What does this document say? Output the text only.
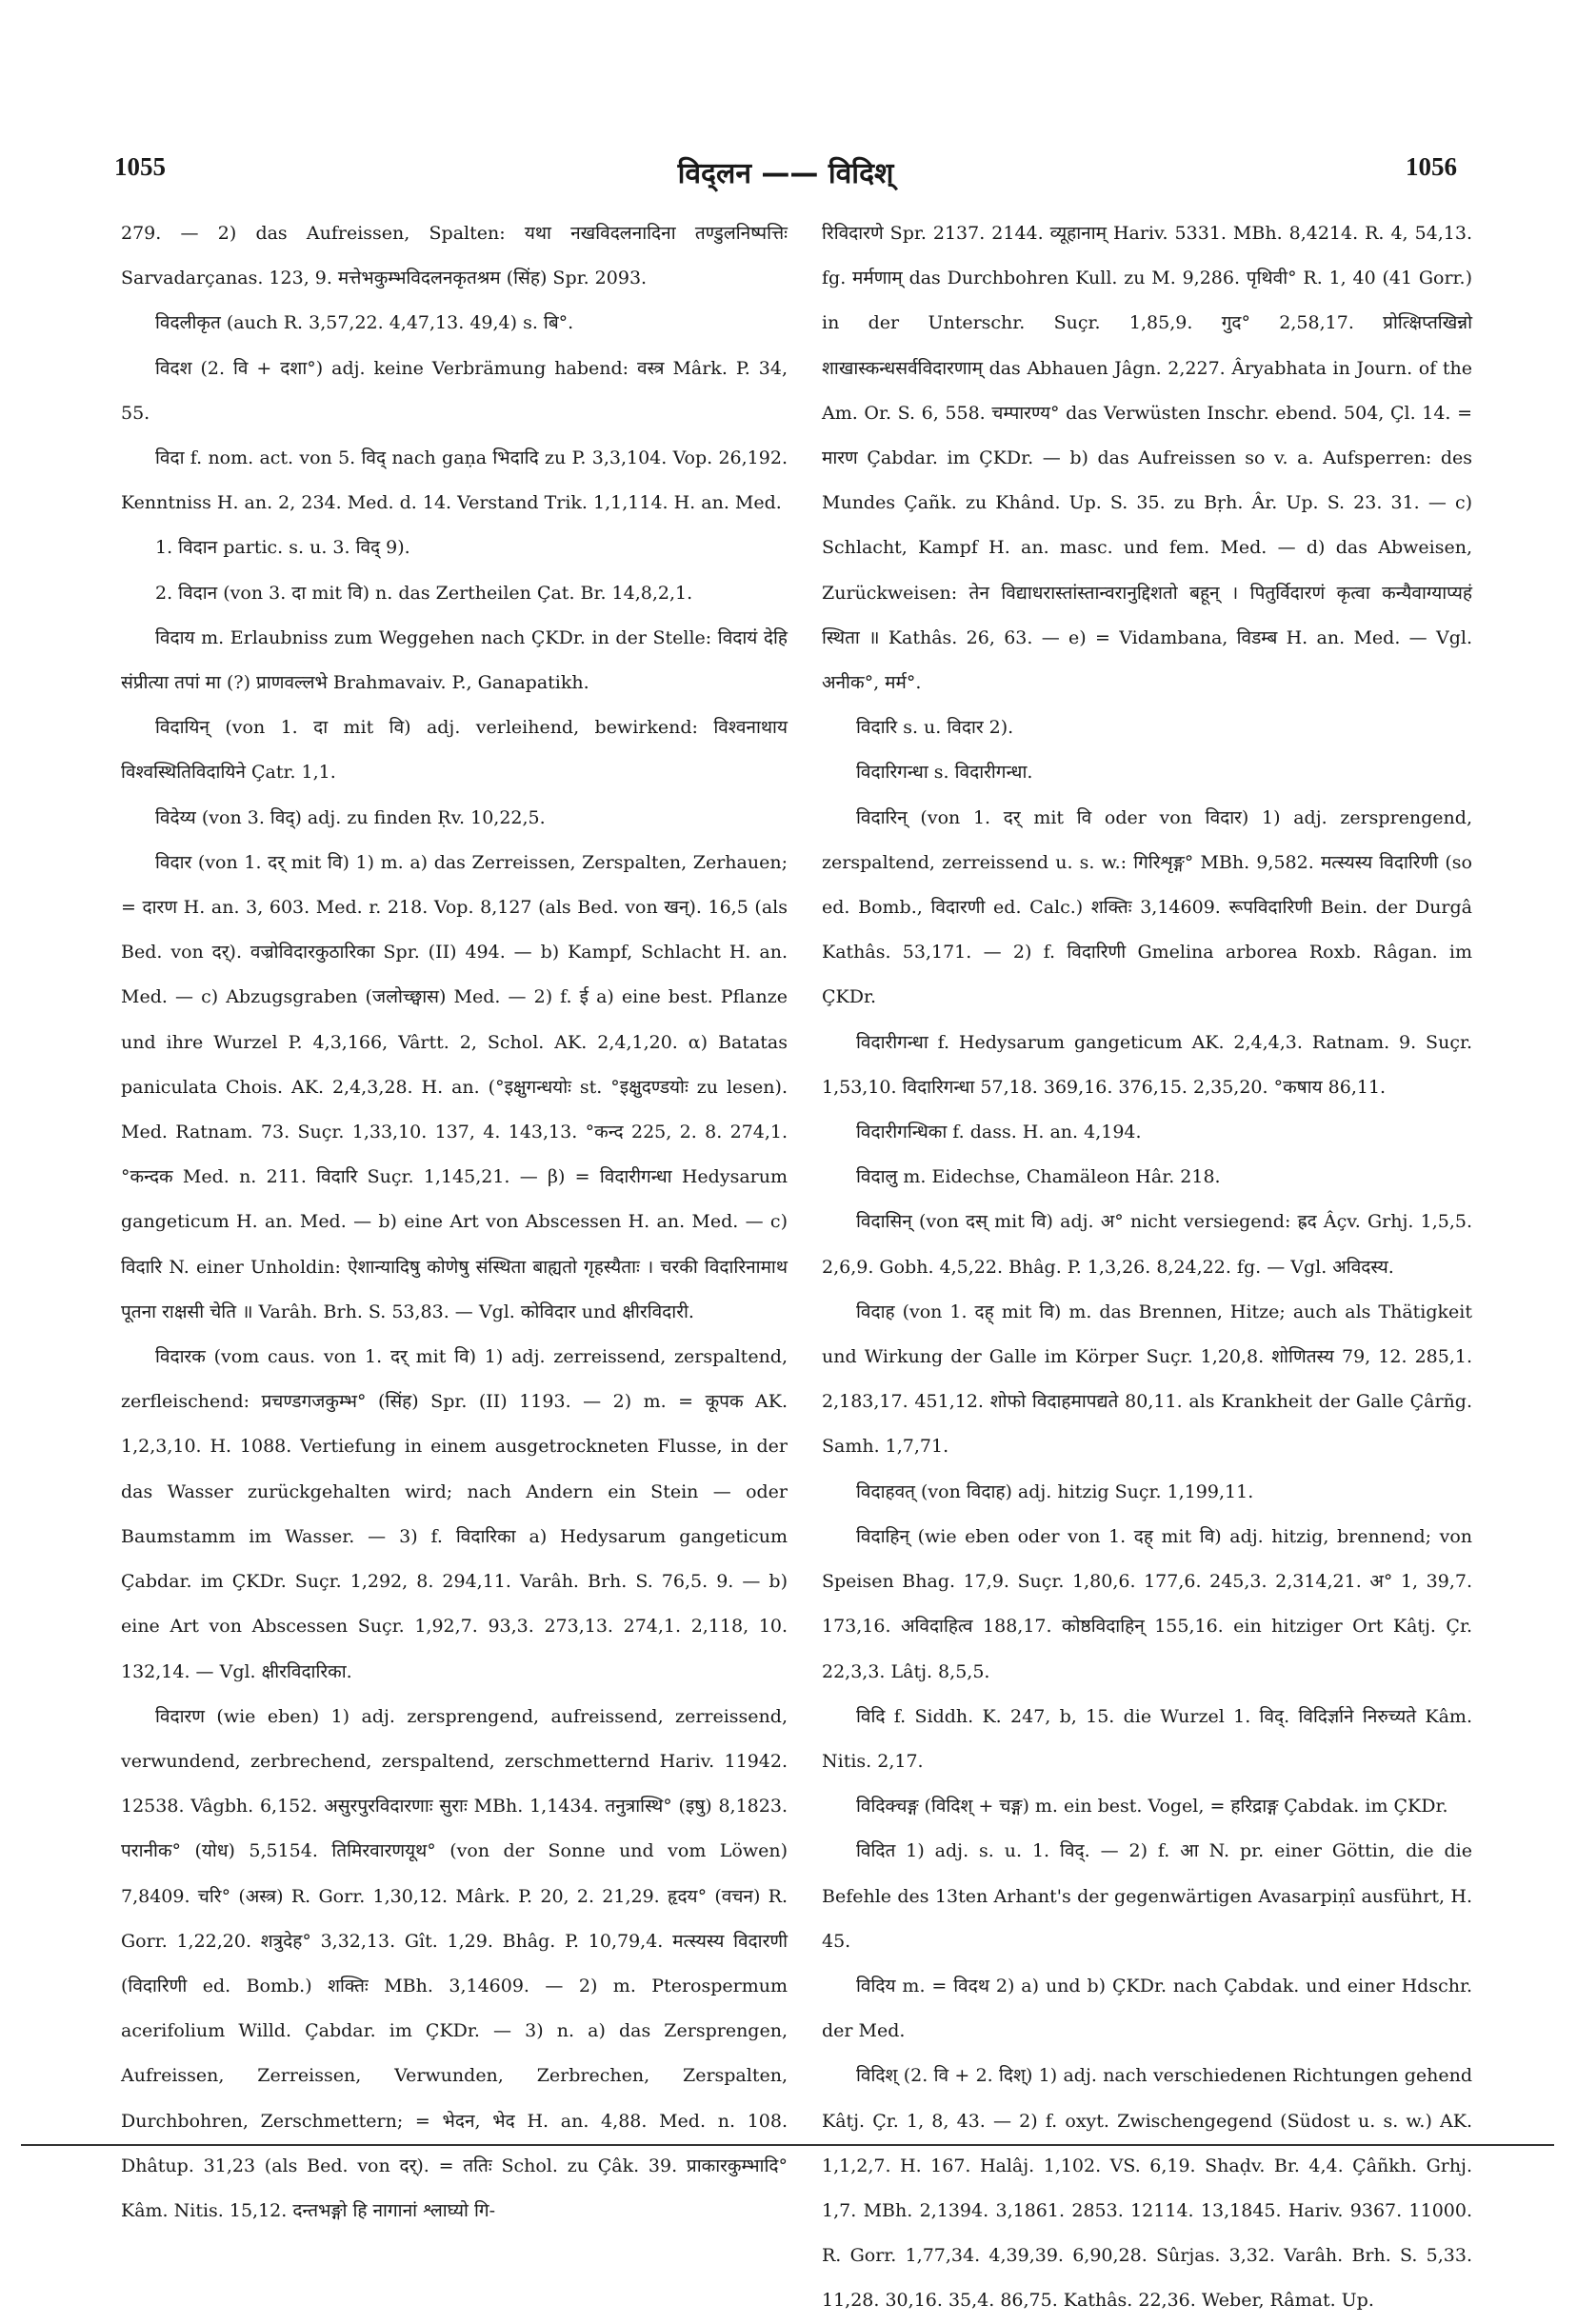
1055	विद्लन —— विदिश्	1056

279. — 2) das Aufreissen, Spalten: यथा नखविदलनादिना तण्डुलनिष्पत्तिः Sarvadarçanas. 123, 9. मत्तेभकुम्भविदलनकृतश्रम (सिंह) Spr. 2093.

विदलीकृत (auch R. 3,57,22. 4,47,13. 49,4) s. बि°.

विदश (2. वि + दशा°) adj. keine Verbrämung habend: वस्त्र Mârk. P. 34, 55.

विदा f. nom. act. von 5. विद् nach gaṇa भिदादि zu P. 3,3,104. Vop. 26,192. Kenntniss H. an. 2, 234. Med. d. 14. Verstand Trik. 1,1,114. H. an. Med.

1. विदान partic. s. u. 3. विद् 9).

2. विदान (von 3. दा mit वि) n. das Zertheilen Çat. Br. 14,8,2,1.

विदाय m. Erlaubniss zum Weggehen nach ÇKDr. in der Stelle: विदायं देहि संप्रीत्या तपां मा (?) प्राणवल्लभे Brahmavaiv. P., Ganapatikh.

विदायिन् (von 1. दा mit वि) adj. verleihend, bewirkend: विश्वनाथाय विश्वस्थितिविदायिने Çatr. 1,1.

विदेय्य (von 3. विद्) adj. zu finden Ṛv. 10,22,5.

विदार (von 1. दर् mit वि) 1) m. a) das Zerreissen, Zerspalten, Zerhauen; = दारण H. an. 3, 603. Med. r. 218. Vop. 8,127 (als Bed. von खन्). 16,5 (als Bed. von दर्). वज्रोविदारकुठारिका Spr. (II) 494. — b) Kampf, Schlacht H. an. Med. — c) Abzugsgraben (जलोच्छ्वास) Med. — 2) f. ई a) eine best. Pflanze und ihre Wurzel P. 4,3,166, Vârtt. 2, Schol. AK. 2,4,1,20. α) Batatas paniculata Chois. AK. 2,4,3,28. H. an. (°इक्षुगन्धयोः st. °इक्षुदण्डयोः zu lesen). Med. Ratnam. 73. Suçr. 1,33,10. 137, 4. 143,13. °कन्द 225, 2. 8. 274,1. °कन्दक Med. n. 211. विदारि Suçr. 1,145,21. — β) = विदारीगन्धा Hedysarum gangeticum H. an. Med. — b) eine Art von Abscessen H. an. Med. — c) विदारि N. einer Unholdin: ऐशान्यादिषु कोणेषु संस्थिता बाह्यतो गृहस्यैताः । चरकी विदारिनामाथ पूतना राक्षसी चेति ॥ Varâh. Brh. S. 53,83. — Vgl. कोविदार und क्षीरविदारी.

विदारक (vom caus. von 1. दर् mit वि) 1) adj. zerreissend, zerspaltend, zerfleischend: प्रचण्डगजकुम्भ° (सिंह) Spr. (II) 1193. — 2) m. = कूपक AK. 1,2,3,10. H. 1088. Vertiefung in einem ausgetrockneten Flusse, in der das Wasser zurückgehalten wird; nach Andern ein Stein — oder Baumstamm im Wasser. — 3) f. विदारिका a) Hedysarum gangeticum Çabdar. im ÇKDr. Suçr. 1,292, 8. 294,11. Varâh. Brh. S. 76,5. 9. — b) eine Art von Abscessen Suçr. 1,92,7. 93,3. 273,13. 274,1. 2,118, 10. 132,14. — Vgl. क्षीरविदारिका.

विदारण (wie eben) 1) adj. zersprengend, aufreissend, zerreissend, verwundend, zerbrechend, zerspaltend, zerschmetternd Hariv. 11942. 12538. Vâgbh. 6,152. असुरपुरविदारणाः सुराः MBh. 1,1434. तनुत्रास्थि° (इषु) 8,1823. परानीक° (योध) 5,5154. तिमिरवारणयूथ° (von der Sonne und vom Löwen) 7,8409. चरि° (अस्त्र) R. Gorr. 1,30,12. Mârk. P. 20, 2. 21,29. हृदय° (वचन) R. Gorr. 1,22,20. शत्रुदेह° 3,32,13. Gît. 1,29. Bhâg. P. 10,79,4. मत्स्यस्य विदारणी (विदारिणी ed. Bomb.) शक्तिः MBh. 3,14609. — 2) m. Pterospermum acerifolium Willd. Çabdar. im ÇKDr. — 3) n. a) das Zersprengen, Aufreissen, Zerreissen, Verwunden, Zerbrechen, Zerspalten, Durchbohren, Zerschmettern; = भेदन, भेद H. an. 4,88. Med. n. 108. Dhâtup. 31,23 (als Bed. von दर्). = ततिः Schol. zu Çâk. 39. प्राकारकुम्भादि° Kâm. Nitis. 15,12. दन्तभङ्गो हि नागानां श्लाघ्यो गि-

रिविदारणे Spr. 2137. 2144. व्यूहानाम् Hariv. 5331. MBh. 8,4214. R. 4, 54,13. fg. मर्मणाम् das Durchbohren Kull. zu M. 9,286. पृथिवी° R. 1, 40 (41 Gorr.) in der Unterschr. Suçr. 1,85,9. गुद° 2,58,17. प्रोत्क्षिप्तखिन्नो शाखास्कन्धसर्वविदारणाम् das Abhauen Jâgn. 2,227. Âryabhata in Journ. of the Am. Or. S. 6, 558. चम्पारण्य° das Verwüsten Inschr. ebend. 504, Çl. 14. = मारण Çabdar. im ÇKDr. — b) das Aufreissen so v. a. Aufsperren: des Mundes Çañk. zu Khând. Up. S. 35. zu Bṛh. Âr. Up. S. 23. 31. — c) Schlacht, Kampf H. an. masc. und fem. Med. — d) das Abweisen, Zurückweisen: तेन विद्याधरास्तांस्तान्वरानुद्दिशतो बहून् । पितुर्विदारणं कृत्वा कन्यैवाग्याप्यहं स्थिता ॥ Kathâs. 26, 63. — e) = Vidambana, विडम्ब H. an. Med. — Vgl. अनीक°, मर्म°.

विदारि s. u. विदार 2).

विदारिगन्धा s. विदारीगन्धा.

विदारिन् (von 1. दर् mit वि oder von विदार) 1) adj. zersprengend, zerspaltend, zerreissend u. s. w.: गिरिशृङ्ग° MBh. 9,582. मत्स्यस्य विदारिणी (so ed. Bomb., विदारणी ed. Calc.) शक्तिः 3,14609. रूपविदारिणी Bein. der Durgâ Kathâs. 53,171. — 2) f. विदारिणी Gmelina arborea Roxb. Râgan. im ÇKDr.

विदारीगन्धा f. Hedysarum gangeticum AK. 2,4,4,3. Ratnam. 9. Suçr. 1,53,10. विदारिगन्धा 57,18. 369,16. 376,15. 2,35,20. °कषाय 86,11.

विदारीगन्धिका f. dass. H. an. 4,194.

विदालु m. Eidechse, Chamäleon Hâr. 218.

विदासिन् (von दस् mit वि) adj. अ° nicht versiegend: ह्रद Âçv. Grhj. 1,5,5. 2,6,9. Gobh. 4,5,22. Bhâg. P. 1,3,26. 8,24,22. fg. — Vgl. अविदस्य.

विदाह (von 1. दह् mit वि) m. das Brennen, Hitze; auch als Thätigkeit und Wirkung der Galle im Körper Suçr. 1,20,8. शोणितस्य 79, 12. 285,1. 2,183,17. 451,12. शोफो विदाहमापद्यते 80,11. als Krankheit der Galle Çârñg. Samh. 1,7,71.

विदाहवत् (von विदाह) adj. hitzig Suçr. 1,199,11.

विदाहिन् (wie eben oder von 1. दह् mit वि) adj. hitzig, brennend; von Speisen Bhag. 17,9. Suçr. 1,80,6. 177,6. 245,3. 2,314,21. अ° 1, 39,7. 173,16. अविदाहित्व 188,17. कोष्ठविदाहिन् 155,16. ein hitziger Ort Kâtj. Çr. 22,3,3. Lâtj. 8,5,5.

विदि f. Siddh. K. 247, b, 15. die Wurzel 1. विद्. विदिर्ज्ञाने निरुच्यते Kâm. Nitis. 2,17.

विदिक्चङ्ग (विदिश् + चङ्ग) m. ein best. Vogel, = हरिद्राङ्ग Çabdak. im ÇKDr.

विदित 1) adj. s. u. 1. विद्. — 2) f. आ N. pr. einer Göttin, die die Befehle des 13ten Arhant's der gegenwärtigen Avasarpiṇî ausführt, H. 45.

विदिय m. = विदथ 2) a) und b) ÇKDr. nach Çabdak. und einer Hdschr. der Med.

विदिश् (2. वि + 2. दिश्) 1) adj. nach verschiedenen Richtungen gehend Kâtj. Çr. 1, 8, 43. — 2) f. oxyt. Zwischengegend (Südost u. s. w.) AK. 1,1,2,7. H. 167. Halâj. 1,102. VS. 6,19. Shaḍv. Br. 4,4. Çâñkh. Grhj. 1,7. MBh. 2,1394. 3,1861. 2853. 12114. 13,1845. Hariv. 9367. 11000. R. Gorr. 1,77,34. 4,39,39. 6,90,28. Sûrjas. 3,32. Varâh. Brh. S. 5,33. 11,28. 30,16. 35,4. 86,75. Kathâs. 22,36. Weber, Râmat. Up.
